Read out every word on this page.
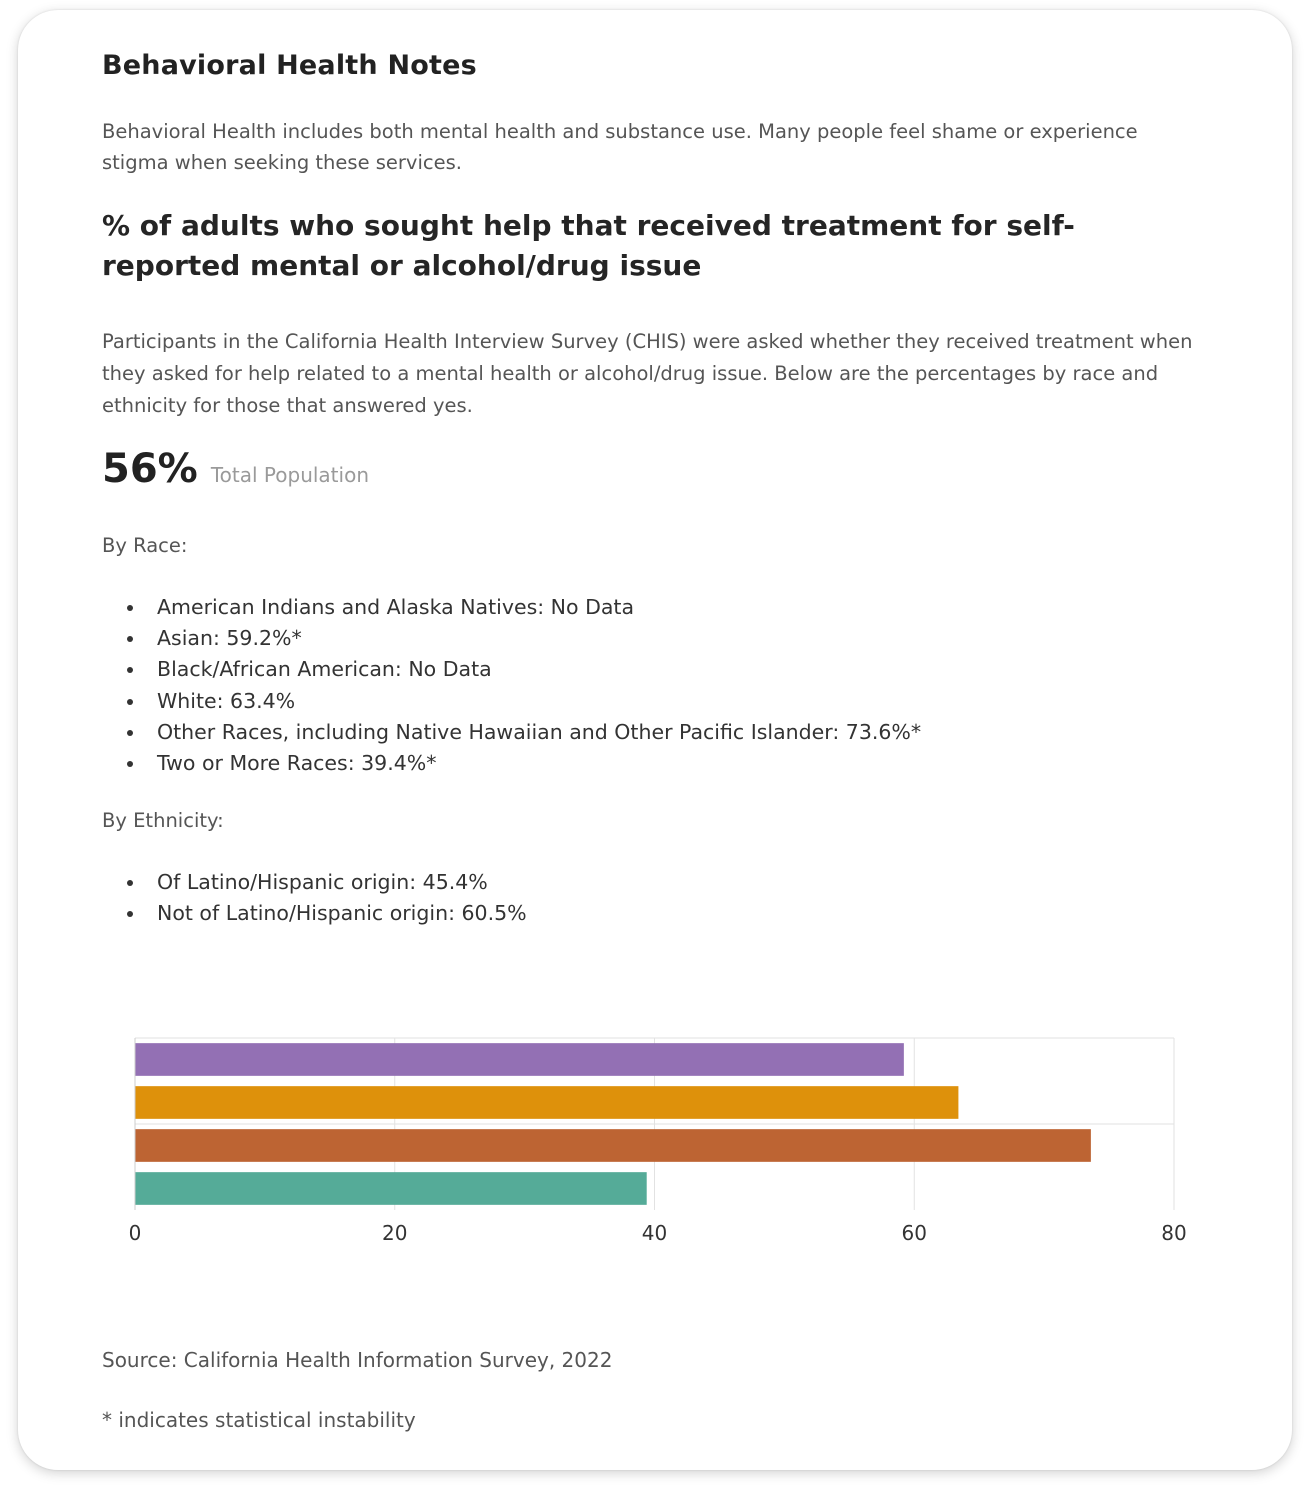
Behavioral Health Notes

Behavioral Health includes both mental health and substance use. Many people feel shame or experience stigma when seeking these services.

% of adults who sought help that received treatment for self-reported mental or alcohol/drug issue

Participants in the California Health Interview Survey (CHIS) were asked whether they received treatment when they asked for help related to a mental health or alcohol/drug issue. Below are the percentages by race and ethnicity for those that answered yes.

56% Total Population

By Race:

American Indians and Alaska Natives: No Data
Asian: 59.2%*
Black/African American: No Data
White: 63.4%
Other Races, including Native Hawaiian and Other Pacific Islander: 73.6%*
Two or More Races: 39.4%*

By Ethnicity:

Of Latino/Hispanic origin: 45.4%
Not of Latino/Hispanic origin: 60.5%

Source: California Health Information Survey, 2022

* indicates statistical instability

0	20	40	60	80
